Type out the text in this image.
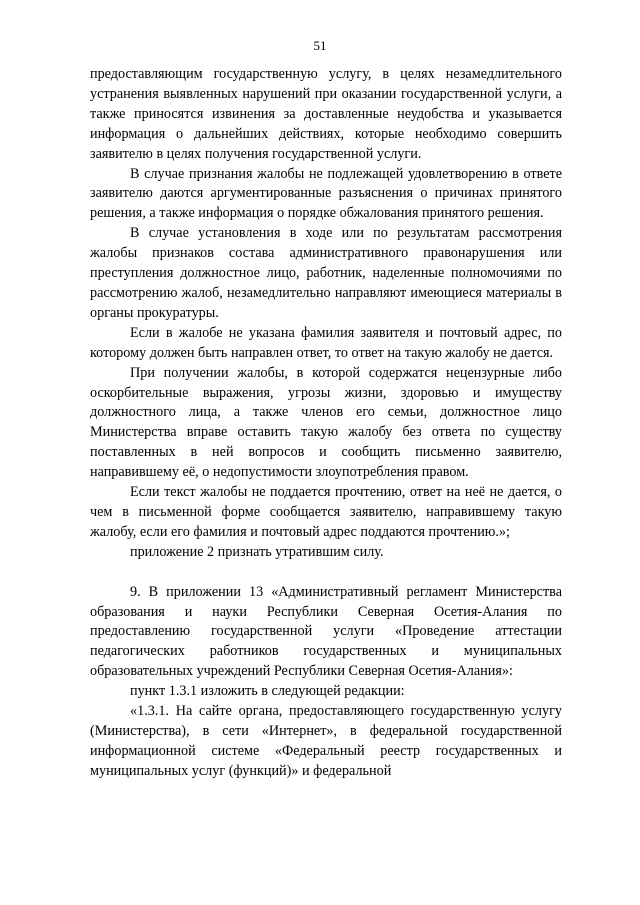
51

предоставляющим государственную услугу, в целях незамедлительного устранения выявленных нарушений при оказании государственной услуги, а также приносятся извинения за доставленные неудобства и указывается информация о дальнейших действиях, которые необходимо совершить заявителю в целях получения государственной услуги.

В случае признания жалобы не подлежащей удовлетворению в ответе заявителю даются аргументированные разъяснения о причинах принятого решения, а также информация о порядке обжалования принятого решения.

В случае установления в ходе или по результатам рассмотрения жалобы признаков состава административного правонарушения или преступления должностное лицо, работник, наделенные полномочиями по рассмотрению жалоб, незамедлительно направляют имеющиеся материалы в органы прокуратуры.

Если в жалобе не указана фамилия заявителя и почтовый адрес, по которому должен быть направлен ответ, то ответ на такую жалобу не дается.

При получении жалобы, в которой содержатся нецензурные либо оскорбительные выражения, угрозы жизни, здоровью и имуществу должностного лица, а также членов его семьи, должностное лицо Министерства вправе оставить такую жалобу без ответа по существу поставленных в ней вопросов и сообщить письменно заявителю, направившему её, о недопустимости злоупотребления правом.

Если текст жалобы не поддается прочтению, ответ на неё не дается, о чем в письменной форме сообщается заявителю, направившему такую жалобу, если его фамилия и почтовый адрес поддаются прочтению.»;

приложение 2 признать утратившим силу.

9. В приложении 13 «Административный регламент Министерства образования и науки Республики Северная Осетия-Алания по предоставлению государственной услуги «Проведение аттестации педагогических работников государственных и муниципальных образовательных учреждений Республики Северная Осетия-Алания»:

пункт 1.3.1 изложить в следующей редакции:

«1.3.1. На сайте органа, предоставляющего государственную услугу (Министерства), в сети «Интернет», в федеральной государственной информационной системе «Федеральный реестр государственных и муниципальных услуг (функций)» и федеральной
